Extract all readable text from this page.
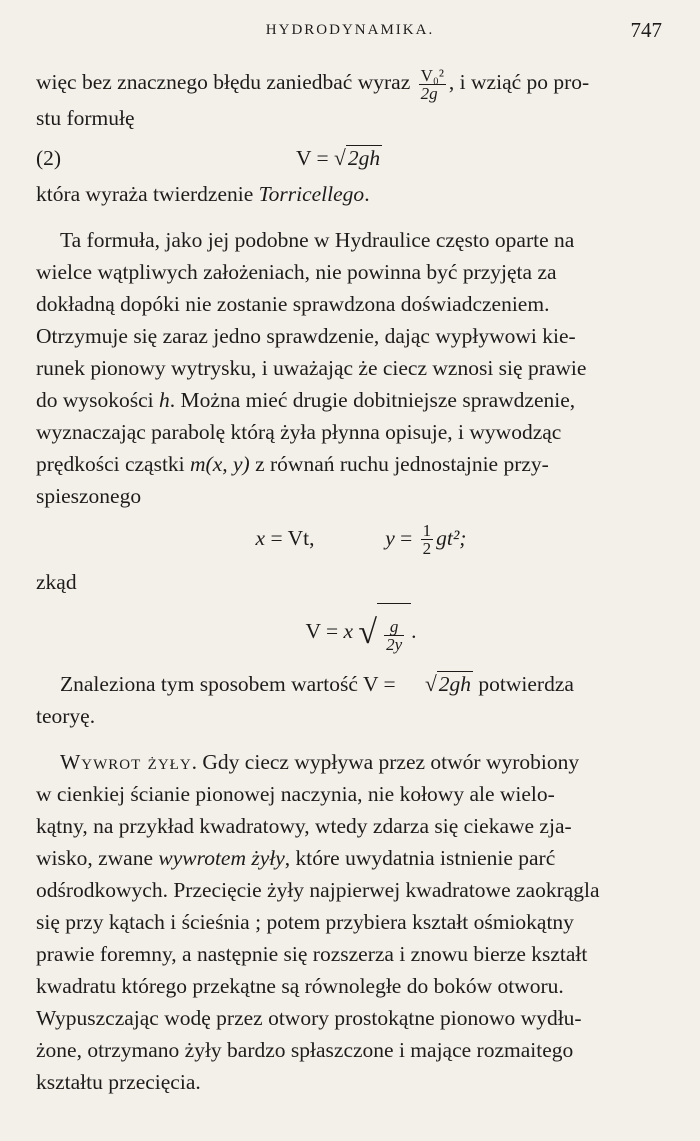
HYDRODYNAMIKA.	747

więc bez znacznego błędu zaniedbać wyraz $\frac{\text{V₀²}}{2g}$ , i wziąć po pro-
stu formułę

(2)	V = √2gh

która wyraża twierdzenie Torricellego.

Ta formuła, jako jej podobne w Hydraulice często oparte na
wielce wątpliwych założeniach, nie powinna być przyjęta za
dokładną dopóki nie zostanie sprawdzona doświadczeniem.
Otrzymuje się zaraz jedno sprawdzenie, dając wypływowi kie-
runek pionowy wytrysku, i uważając że ciecz wznosi się prawie
do wysokości h. Można mieć drugie dobitniejsze sprawdzenie,
wyznaczając parabolę którą żyła płynna opisuje, i wywodząc
prędkości cząstki m(x, y) z równań ruchu jednostajnie przy-
spieszonego

x = Vt,	$y = \frac{1}{2} gt^2$;

zkąd

V = x √ $\frac{g}{2y}$ .

Znaleziona tym sposobem wartość V = √2gh potwierdza
teoryę.

Wywrot żyły. Gdy ciecz wypływa przez otwór wyrobiony
w cienkiej ścianie pionowej naczynia, nie kołowy ale wielo-
kątny, na przykład kwadratowy, wtedy zdarza się ciekawe zja-
wisko, zwane wywrotem żyły, które uwydatnia istnienie parć
odśrodkowych. Przecięcie żyły najpierwej kwadratowe zaokrągla
się przy kątach i ścieśnia ; potem przybiera kształt ośmiokątny
prawie foremny, a następnie się rozszerza i znowu bierze kształt
kwadratu którego przekątne są równoległe do boków otworu.
Wypuszczając wodę przez otwory prostokątne pionowo wydłu-
żone, otrzymano żyły bardzo spłaszczone i mające rozmaitego
kształtu przecięcia.
